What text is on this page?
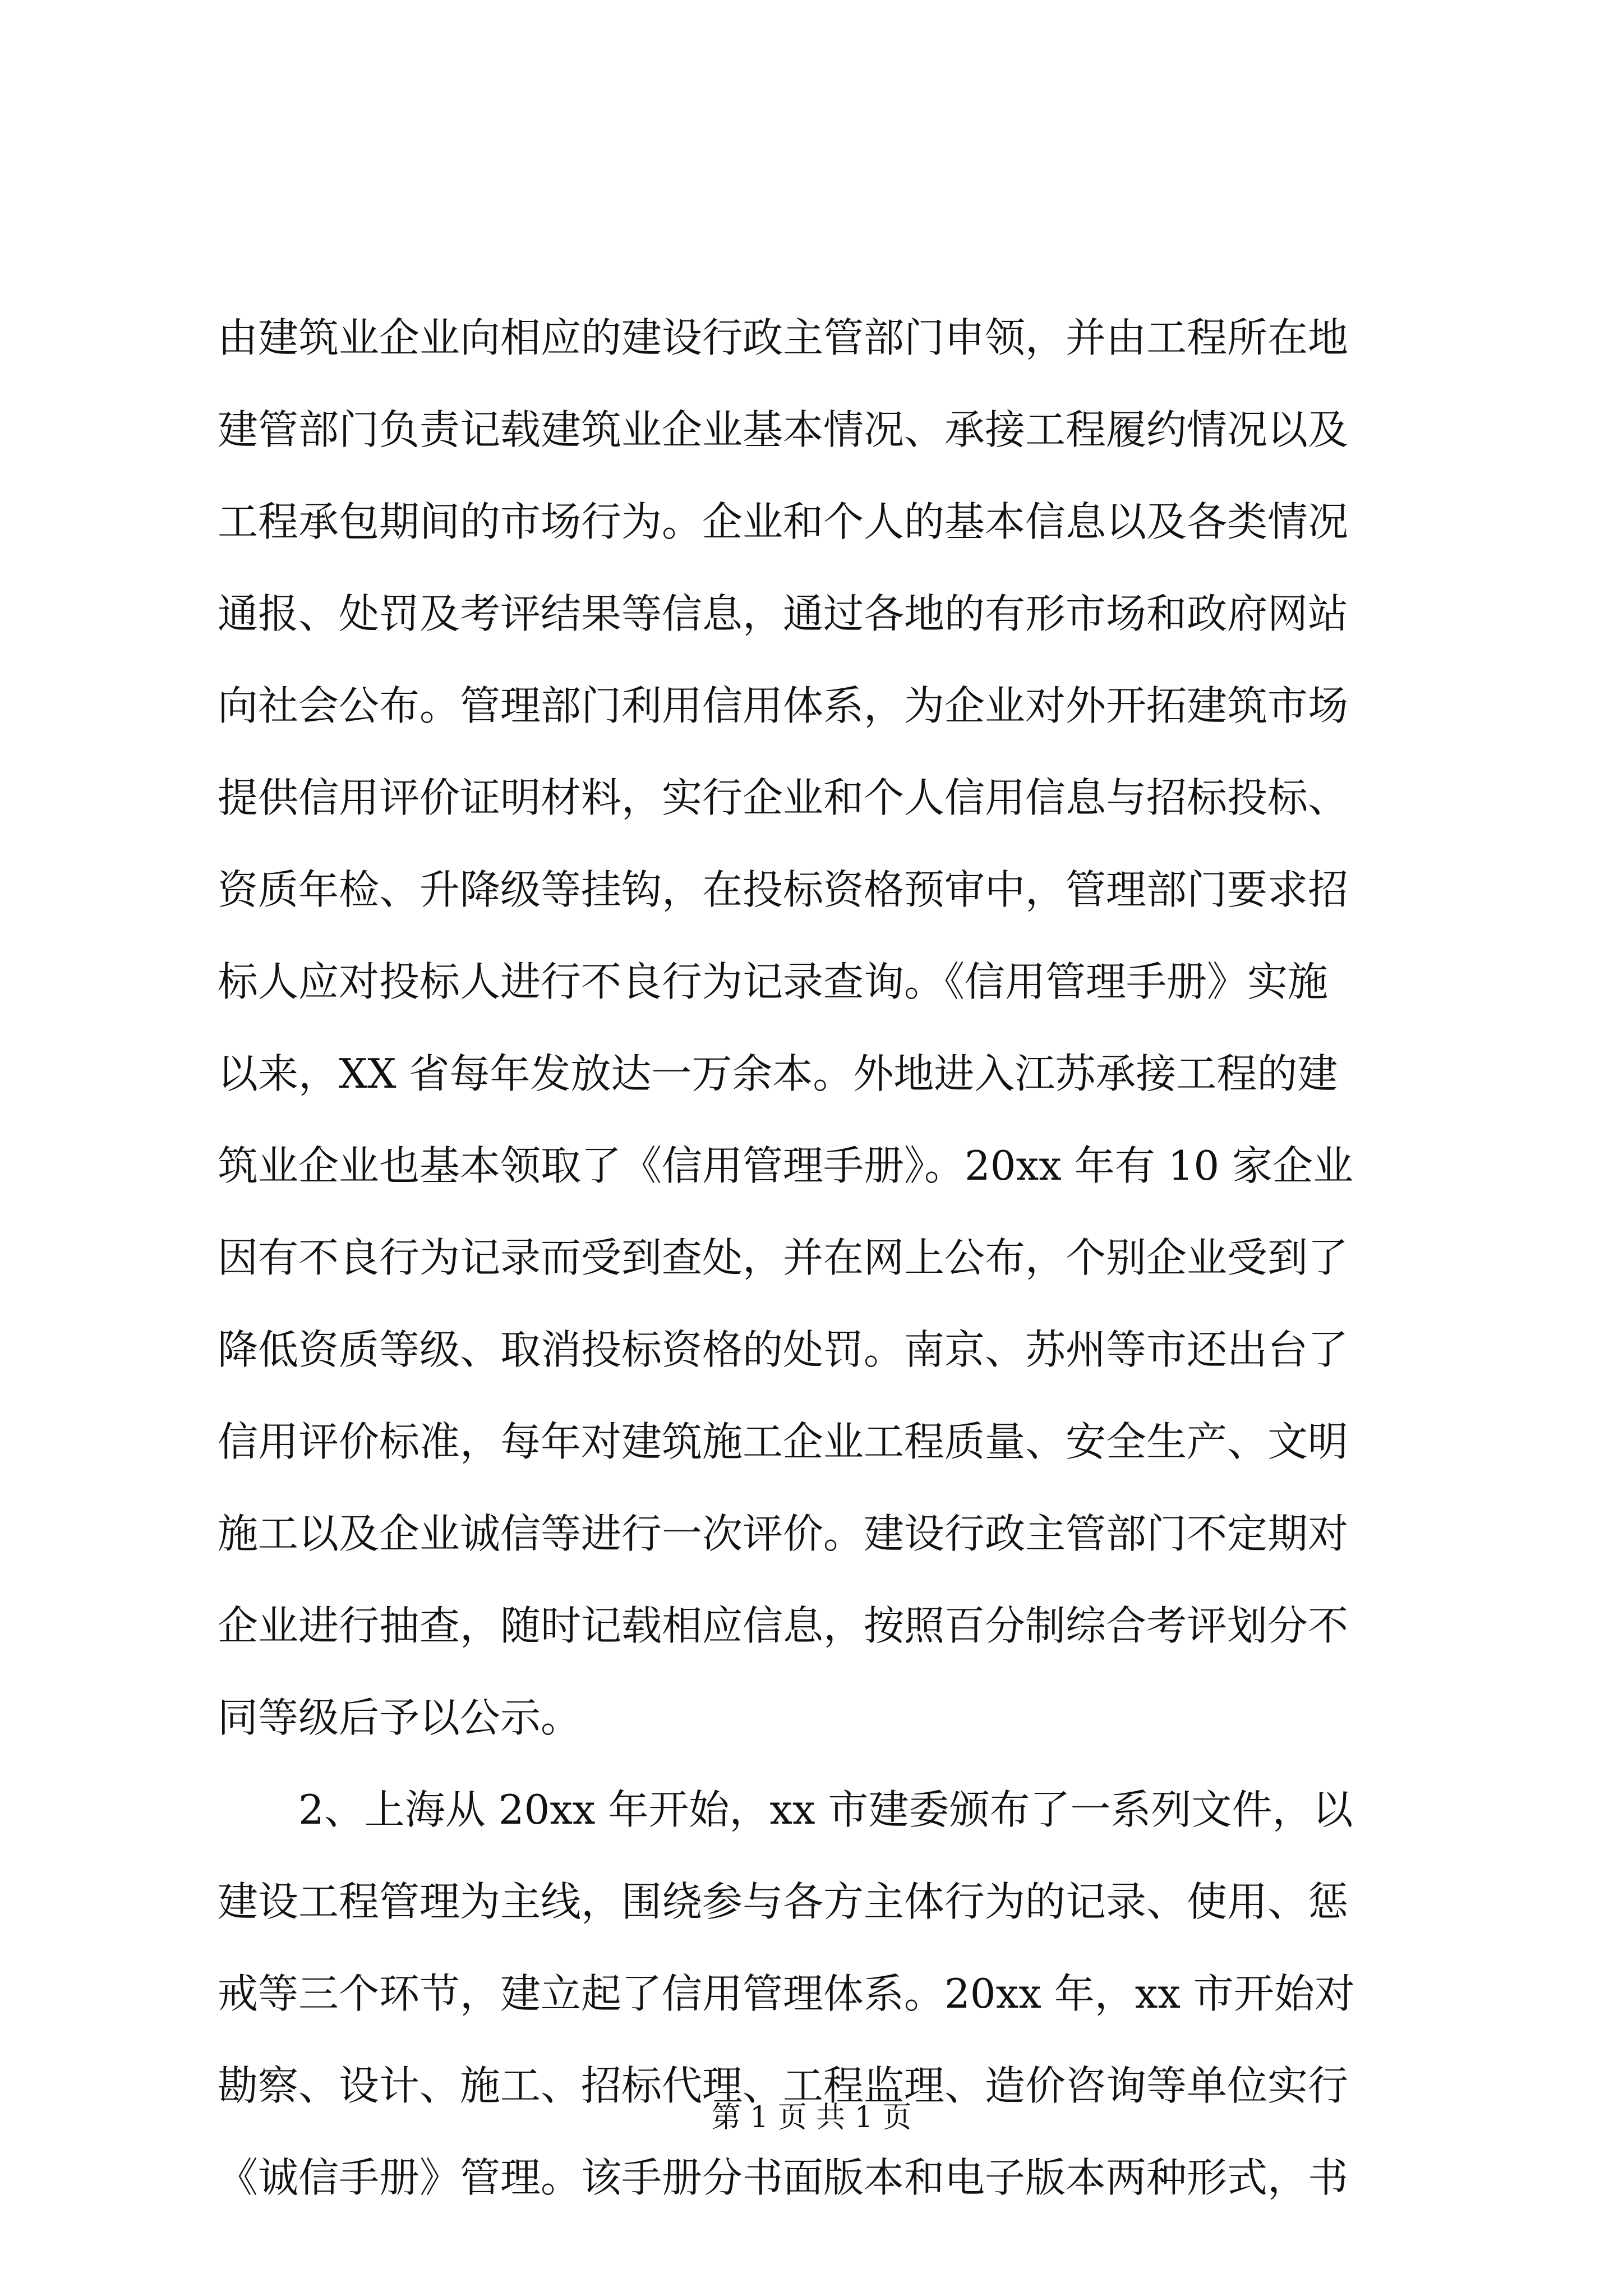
由建筑业企业向相应的建设行政主管部门申领，并由工程所在地
建管部门负责记载建筑业企业基本情况、承接工程履约情况以及
工程承包期间的市场行为。企业和个人的基本信息以及各类情况
通报、处罚及考评结果等信息，通过各地的有形市场和政府网站
向社会公布。管理部门利用信用体系，为企业对外开拓建筑市场
提供信用评价证明材料，实行企业和个人信用信息与招标投标、
资质年检、升降级等挂钩，在投标资格预审中，管理部门要求招
标人应对投标人进行不良行为记录查询。《信用管理手册》实施
以来，XX 省每年发放达一万余本。外地进入江苏承接工程的建
筑业企业也基本领取了《信用管理手册》。20xx 年有 10 家企业
因有不良行为记录而受到查处，并在网上公布，个别企业受到了
降低资质等级、取消投标资格的处罚。南京、苏州等市还出台了
信用评价标准，每年对建筑施工企业工程质量、安全生产、文明
施工以及企业诚信等进行一次评价。建设行政主管部门不定期对
企业进行抽查，随时记载相应信息，按照百分制综合考评划分不
同等级后予以公示。
2、上海从 20xx 年开始，xx 市建委颁布了一系列文件，以
建设工程管理为主线，围绕参与各方主体行为的记录、使用、惩
戒等三个环节，建立起了信用管理体系。20xx 年，xx 市开始对
勘察、设计、施工、招标代理、工程监理、造价咨询等单位实行
《诚信手册》管理。该手册分书面版本和电子版本两种形式，书
第 1 页 共 1 页
